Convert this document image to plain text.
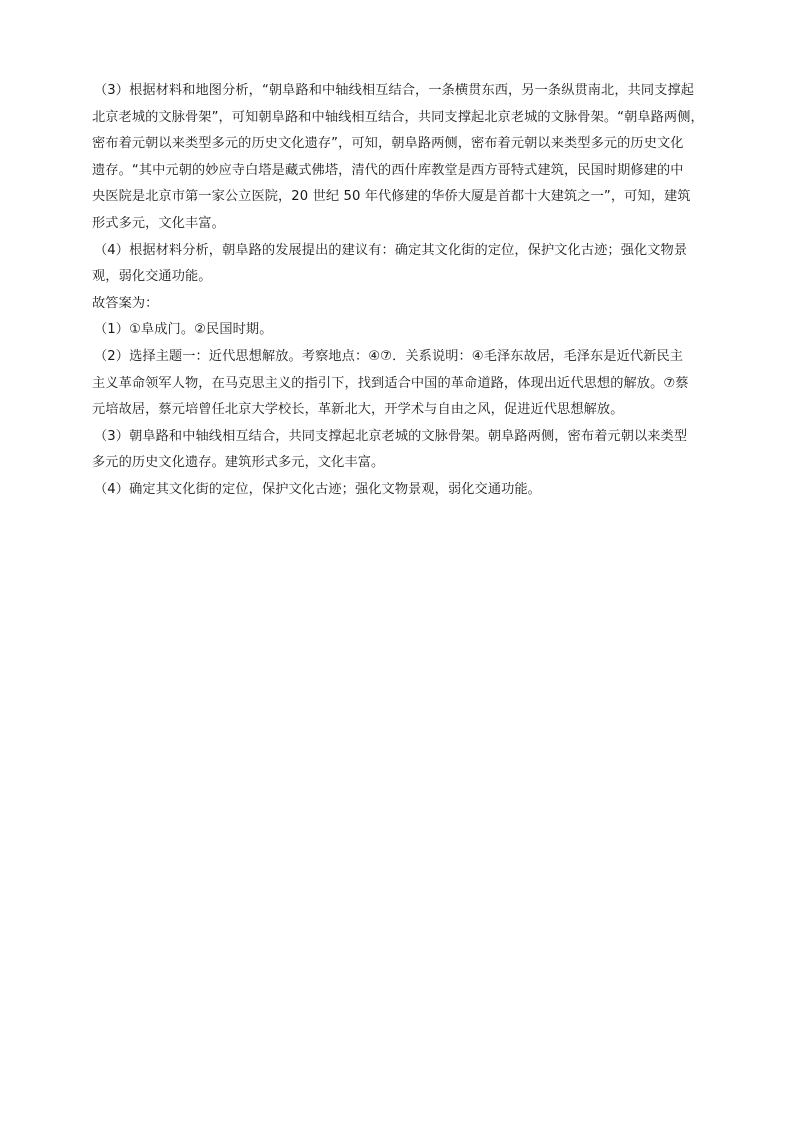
（3）根据材料和地图分析，“朝阜路和中轴线相互结合，一条横贯东西，另一条纵贯南北，共同支撑起
北京老城的文脉骨架”，可知朝阜路和中轴线相互结合，共同支撑起北京老城的文脉骨架。“朝阜路两侧，
密布着元朝以来类型多元的历史文化遗存”，可知，朝阜路两侧，密布着元朝以来类型多元的历史文化
遗存。“其中元朝的妙应寺白塔是藏式佛塔，清代的西什库教堂是西方哥特式建筑，民国时期修建的中
央医院是北京市第一家公立医院，20 世纪 50 年代修建的华侨大厦是首都十大建筑之一”，可知，建筑
形式多元，文化丰富。
（4）根据材料分析，朝阜路的发展提出的建议有：确定其文化街的定位，保护文化古迹；强化文物景
观，弱化交通功能。
故答案为：
（1）①阜成门。②民国时期。
（2）选择主题一：近代思想解放。考察地点：④⑦．关系说明：④毛泽东故居，毛泽东是近代新民主
主义革命领军人物，在马克思主义的指引下，找到适合中国的革命道路，体现出近代思想的解放。⑦蔡
元培故居，蔡元培曾任北京大学校长，革新北大，开学术与自由之风，促进近代思想解放。
（3）朝阜路和中轴线相互结合，共同支撑起北京老城的文脉骨架。朝阜路两侧，密布着元朝以来类型
多元的历史文化遗存。建筑形式多元，文化丰富。
（4）确定其文化街的定位，保护文化古迹；强化文物景观，弱化交通功能。
